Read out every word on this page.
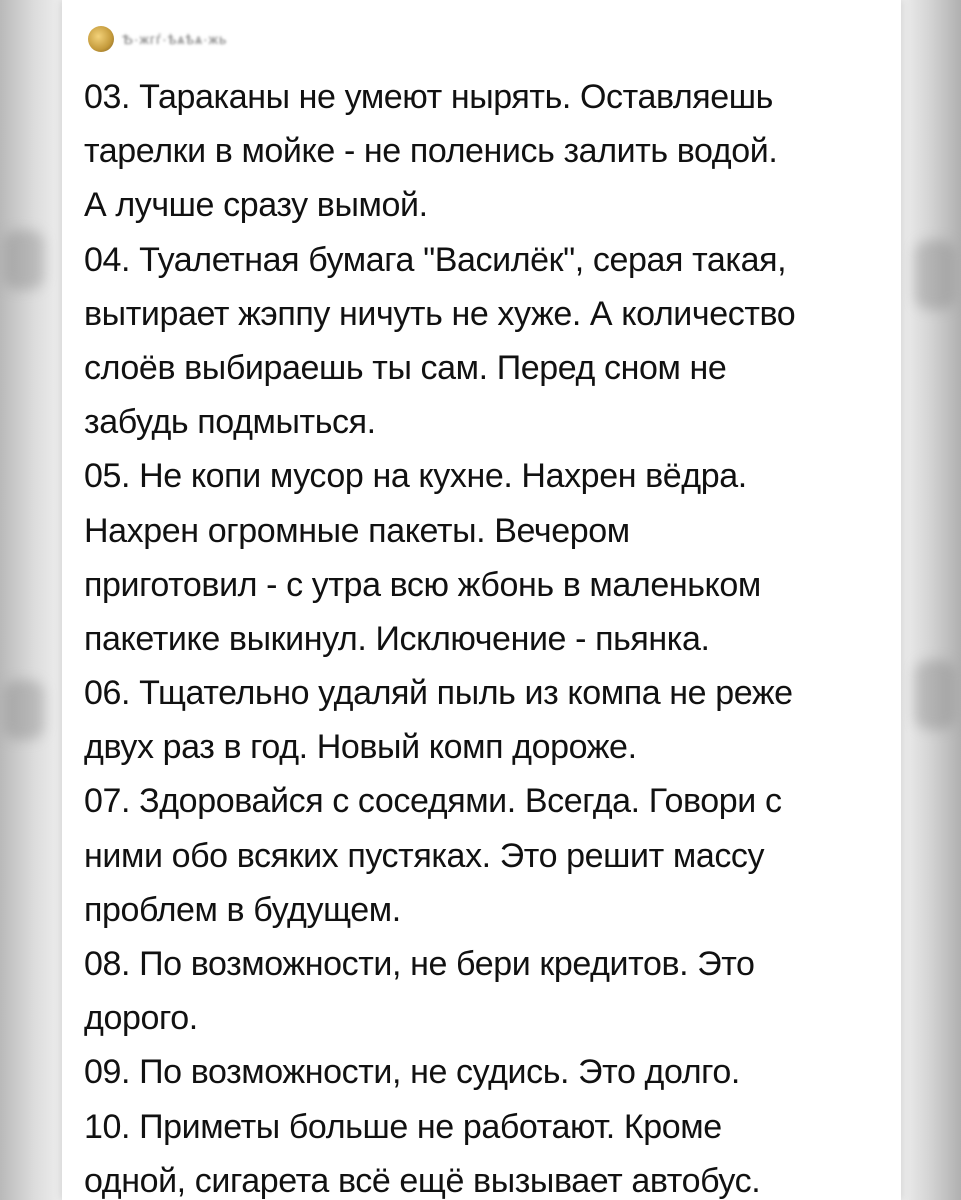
Ѣ·жгѓ·ѣѧѣѧ·жь
03. Тараканы не умеют нырять. Оставляешь
тарелки в мойке - не поленись залить водой.
А лучше сразу вымой.
04. Туалетная бумага "Василёк", серая такая,
вытирает жэппу ничуть не хуже. А количество
слоёв выбираешь ты сам. Перед сном не
забудь подмыться.
05. Не копи мусор на кухне. Нахрен вёдра.
Нахрен огромные пакеты. Вечером
приготовил - с утра всю жбонь в маленьком
пакетике выкинул. Исключение - пьянка.
06. Тщательно удаляй пыль из компа не реже
двух раз в год. Новый комп дороже.
07. Здоровайся с соседями. Всегда. Говори с
ними обо всяких пустяках. Это решит массу
проблем в будущем.
08. По возможности, не бери кредитов. Это
дорого.
09. По возможности, не судись. Это долго.
10. Приметы больше не работают. Кроме
одной, сигарета всё ещё вызывает автобус.
